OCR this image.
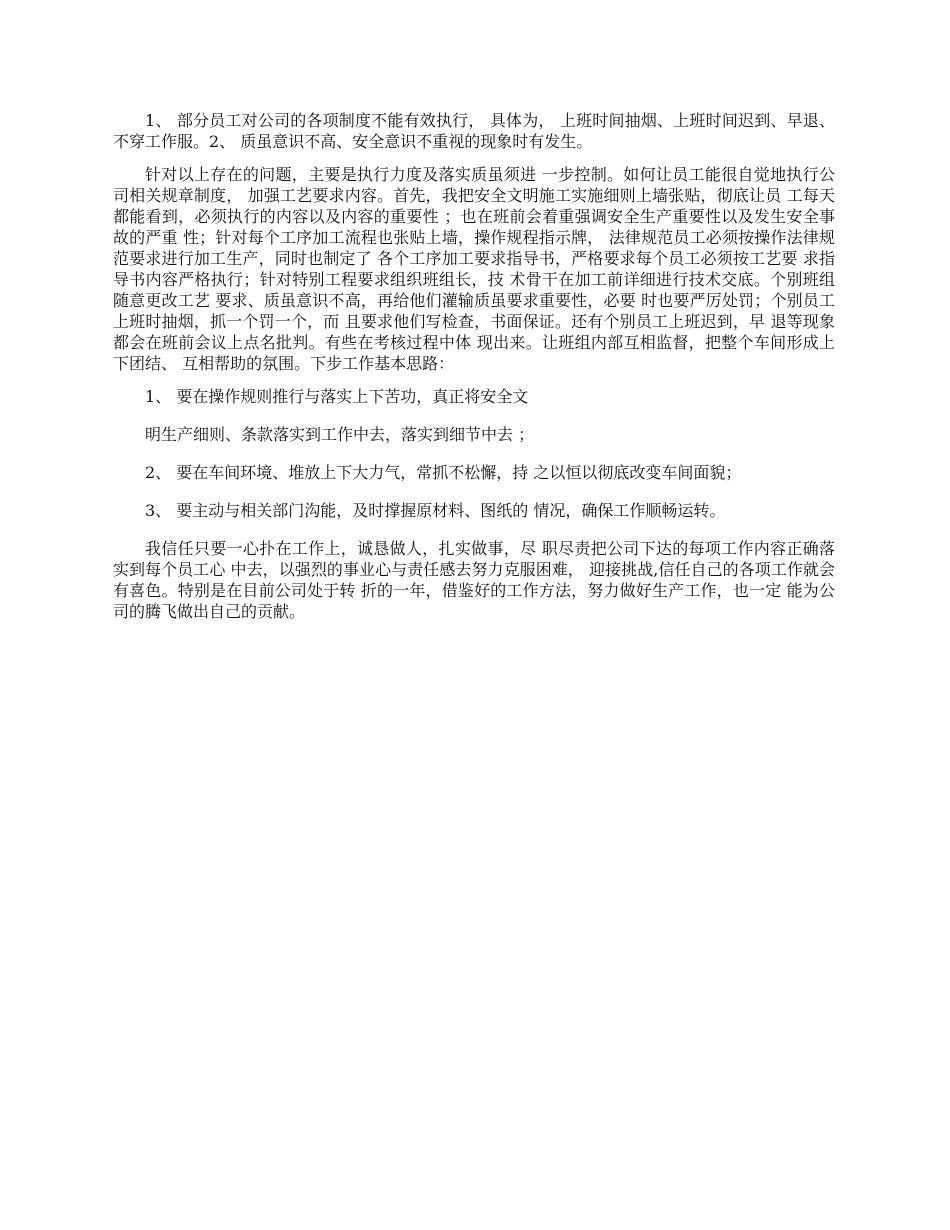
1、 部分员工对公司的各项制度不能有效执行， 具体为， 上班时间抽烟、上班时间迟到、早退、不穿工作服。2、 质虽意识不高、安全意识不重视的现象时有发生。

针对以上存在的问题，主要是执行力度及落实质虽须进 一步控制。如何让员工能很自觉地执行公司相关规章制度， 加强工艺要求内容。首先，我把安全文明施工实施细则上墙张贴，彻底让员 工每天都能看到，必须执行的内容以及内容的重要性 ；也在班前会着重强调安全生产重要性以及发生安全事故的严重 性；针对每个工序加工流程也张贴上墙，操作规程指示牌， 法律规范员工必须按操作法律规范要求进行加工生产，同时也制定了 各个工序加工要求指导书，严格要求每个员工必须按工艺要 求指导书内容严格执行；针对特别工程要求组织班组长，技 术骨干在加工前详细进行技术交底。个别班组随意更改工艺 要求、质虽意识不高，再给他们灌输质虽要求重要性，必要 时也要严厉处罚；个别员工上班时抽烟，抓一个罚一个，而 且要求他们写检查，书面保证。还有个别员工上班迟到，早 退等现象都会在班前会议上点名批判。有些在考核过程中体 现出来。让班组内部互相监督，把整个车间形成上下团结、 互相帮助的氛围。下步工作基本思路：

1、 要在操作规则推行与落实上下苦功，真正将安全文

明生产细则、条款落实到工作中去，落实到细节中去 ；

2、 要在车间环境、堆放上下大力气，常抓不松懈，持 之以恒以彻底改变车间面貌；

3、 要主动与相关部门沟能，及时撑握原材料、图纸的 情况，确保工作顺畅运转。

我信任只要一心扑在工作上，诚恳做人，扎实做事，尽 职尽责把公司下达的每项工作内容正确落实到每个员工心 中去，以强烈的事业心与责任感去努力克服困难， 迎接挑战,信任自己的各项工作就会有喜色。特别是在目前公司处于转 折的一年，借鉴好的工作方法，努力做好生产工作，也一定 能为公司的腾飞做出自己的贡献。
